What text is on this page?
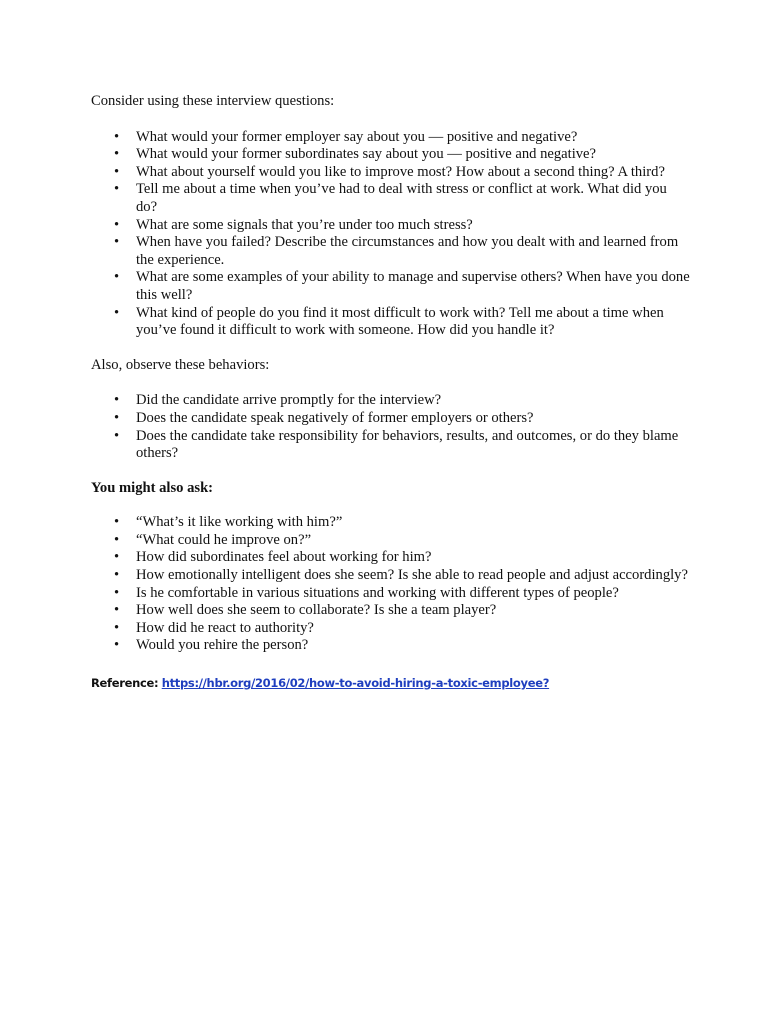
Consider using these interview questions:

• What would your former employer say about you — positive and negative?
• What would your former subordinates say about you — positive and negative?
• What about yourself would you like to improve most? How about a second thing? A third?
• Tell me about a time when you’ve had to deal with stress or conflict at work. What did you do?
• What are some signals that you’re under too much stress?
• When have you failed? Describe the circumstances and how you dealt with and learned from the experience.
• What are some examples of your ability to manage and supervise others? When have you done this well?
• What kind of people do you find it most difficult to work with? Tell me about a time when you’ve found it difficult to work with someone. How did you handle it?

Also, observe these behaviors:

• Did the candidate arrive promptly for the interview?
• Does the candidate speak negatively of former employers or others?
• Does the candidate take responsibility for behaviors, results, and outcomes, or do they blame others?

You might also ask:

• “What’s it like working with him?”
• “What could he improve on?”
• How did subordinates feel about working for him?
• How emotionally intelligent does she seem? Is she able to read people and adjust accordingly?
• Is he comfortable in various situations and working with different types of people?
• How well does she seem to collaborate? Is she a team player?
• How did he react to authority?
• Would you rehire the person?

Reference: https://hbr.org/2016/02/how-to-avoid-hiring-a-toxic-employee?
